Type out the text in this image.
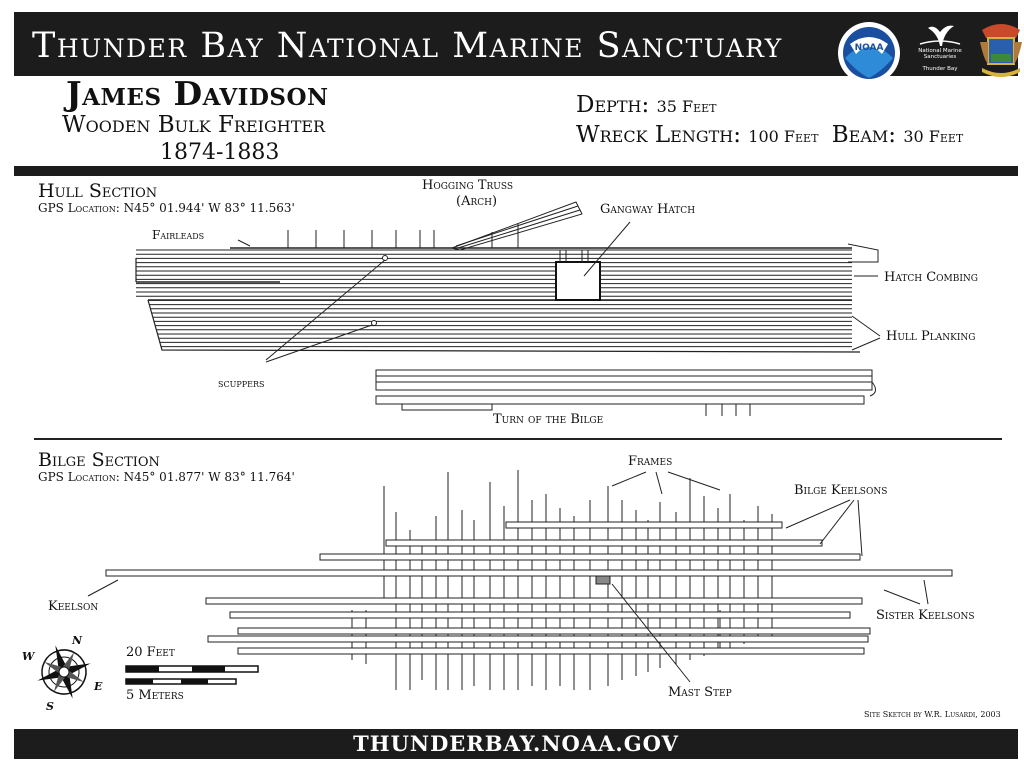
Thunder Bay National Marine Sanctuary	NOAA	National Marine Sanctuaries
Thunder Bay
James Davidson
Wooden Bulk Freighter
1874-1883
Depth: 35 Feet
Wreck Length: 100 Feet Beam: 30 Feet
Hull Section
GPS Location: N45° 01.944' W 83° 11.563'
Hogging Truss
(Arch)
Gangway Hatch
Fairleads
Hatch Combing
Hull Planking
scuppers
Turn of the Bilge
Bilge Section
GPS Location: N45° 01.877' W 83° 11.764'
Frames
Bilge Keelsons
Keelson
Sister Keelsons
Mast Step
N
S
E
W	20 Feet
5 Meters
Site Sketch by W.R. Lusardi, 2003
THUNDERBAY.NOAA.GOV
